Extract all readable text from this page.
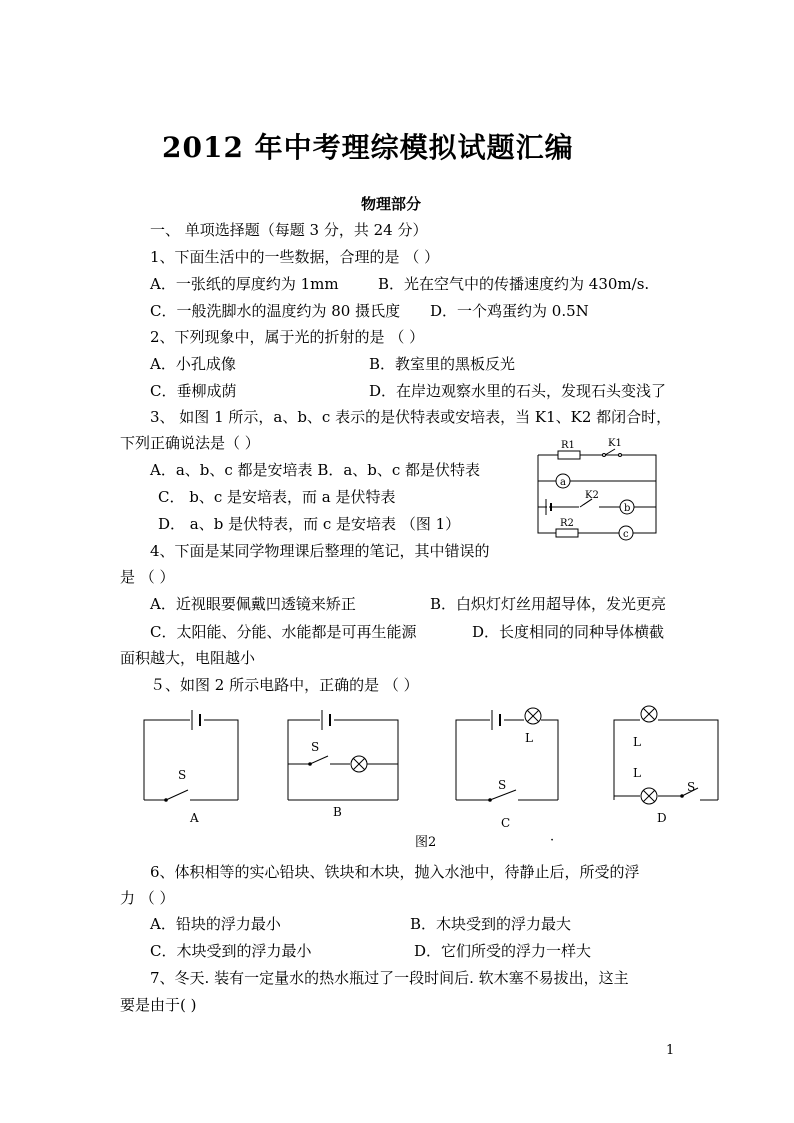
2012 年中考理综模拟试题汇编
物理部分
一、 单项选择题（每题 3 分，共 24 分）
1、下面生活中的一些数据，合理的是 （ ）
A．一张纸的厚度约为 1mm	B．光在空气中的传播速度约为 430m/s.
C．一般洗脚水的温度约为 80 摄氏度 D．一个鸡蛋约为 0.5N
2、下列现象中，属于光的折射的是 （ ）
A．小孔成像	B．教室里的黑板反光
C．垂柳成荫	D．在岸边观察水里的石头，发现石头变浅了
3、 如图 1 所示，a、b、c 表示的是伏特表或安培表，当 K1、K2 都闭合时，
下列正确说法是（ ）
A．a、b、c 都是安培表 B．a、b、c 都是伏特表
C． b、c 是安培表，而 a 是伏特表
D． a、b 是伏特表，而 c 是安培表 （图 1）
R1	K1
a
K2
b
R2
c
4、下面是某同学物理课后整理的笔记，其中错误的
是 （ ）
A．近视眼要佩戴凹透镜来矫正	B．白炽灯灯丝用超导体，发光更亮
C．太阳能、分能、水能都是可再生能源	D．长度相同的同种导体横截
面积越大，电阻越小
５、如图 2 所示电路中，正确的是 （ ）
S
A
S
B
L
S
C
L
L
S
D
图2	·
6、体积相等的实心铅块、铁块和木块，抛入水池中，待静止后，所受的浮
力 （ ）
A．铅块的浮力最小	B．木块受到的浮力最大
C．木块受到的浮力最小	D．它们所受的浮力一样大
7、冬天. 装有一定量水的热水瓶过了一段时间后. 软木塞不易拔出，这主
要是由于( )
1
